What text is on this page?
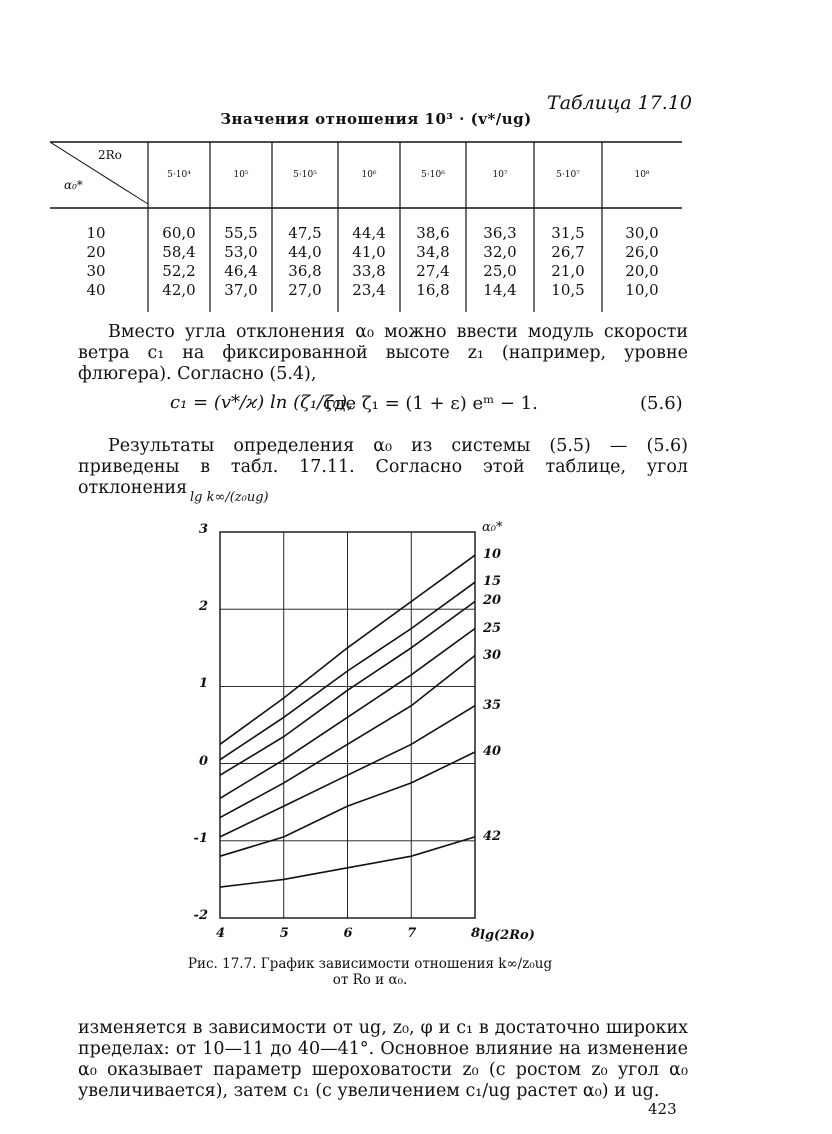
Таблица 17.10
Значения отношения 10³ · (v*/ug)
2Ro
α₀*
5·10⁴	10⁵	5·10⁵	10⁶	5·10⁶	10⁷	5·10⁷	10⁸
10	60,0	55,5	47,5	44,4	38,6	36,3	31,5	30,0
20	58,4	53,0	44,0	41,0	34,8	32,0	26,7	26,0
30	52,2	46,4	36,8	33,8	27,4	25,0	21,0	20,0
40	42,0	37,0	27,0	23,4	16,8	14,4	10,5	10,0

Вместо угла отклонения α₀ можно ввести модуль скорости ветра c₁ на фиксированной высоте z₁ (например, уровне флюгера). Согласно (5.4),

c₁ = (v*/ϰ) ln (ζ₁/ζ₀),
где ζ₁ = (1 + ε) eᵐ − 1.	(5.6)

Результаты определения α₀ из системы (5.5) — (5.6) приведены в табл. 17.11. Согласно этой таблице, угол отклонения lg k∞/(z₀ug)
α₀*
3
2
1
0
-1
-2
4	5	6	7	8
10
15
20
25
30
35
40
42
lg(2Ro)
Рис. 17.7. График зависимости отношения k∞/z₀ug от Ro и α₀.

изменяется в зависимости от ug, z₀, φ и c₁ в достаточно широких пределах: от 10—11 до 40—41°. Основное влияние на изменение α₀ оказывает параметр шероховатости z₀ (с ростом z₀ угол α₀ увеличивается), затем c₁ (с увеличением c₁/ug растет α₀) и ug.

423
